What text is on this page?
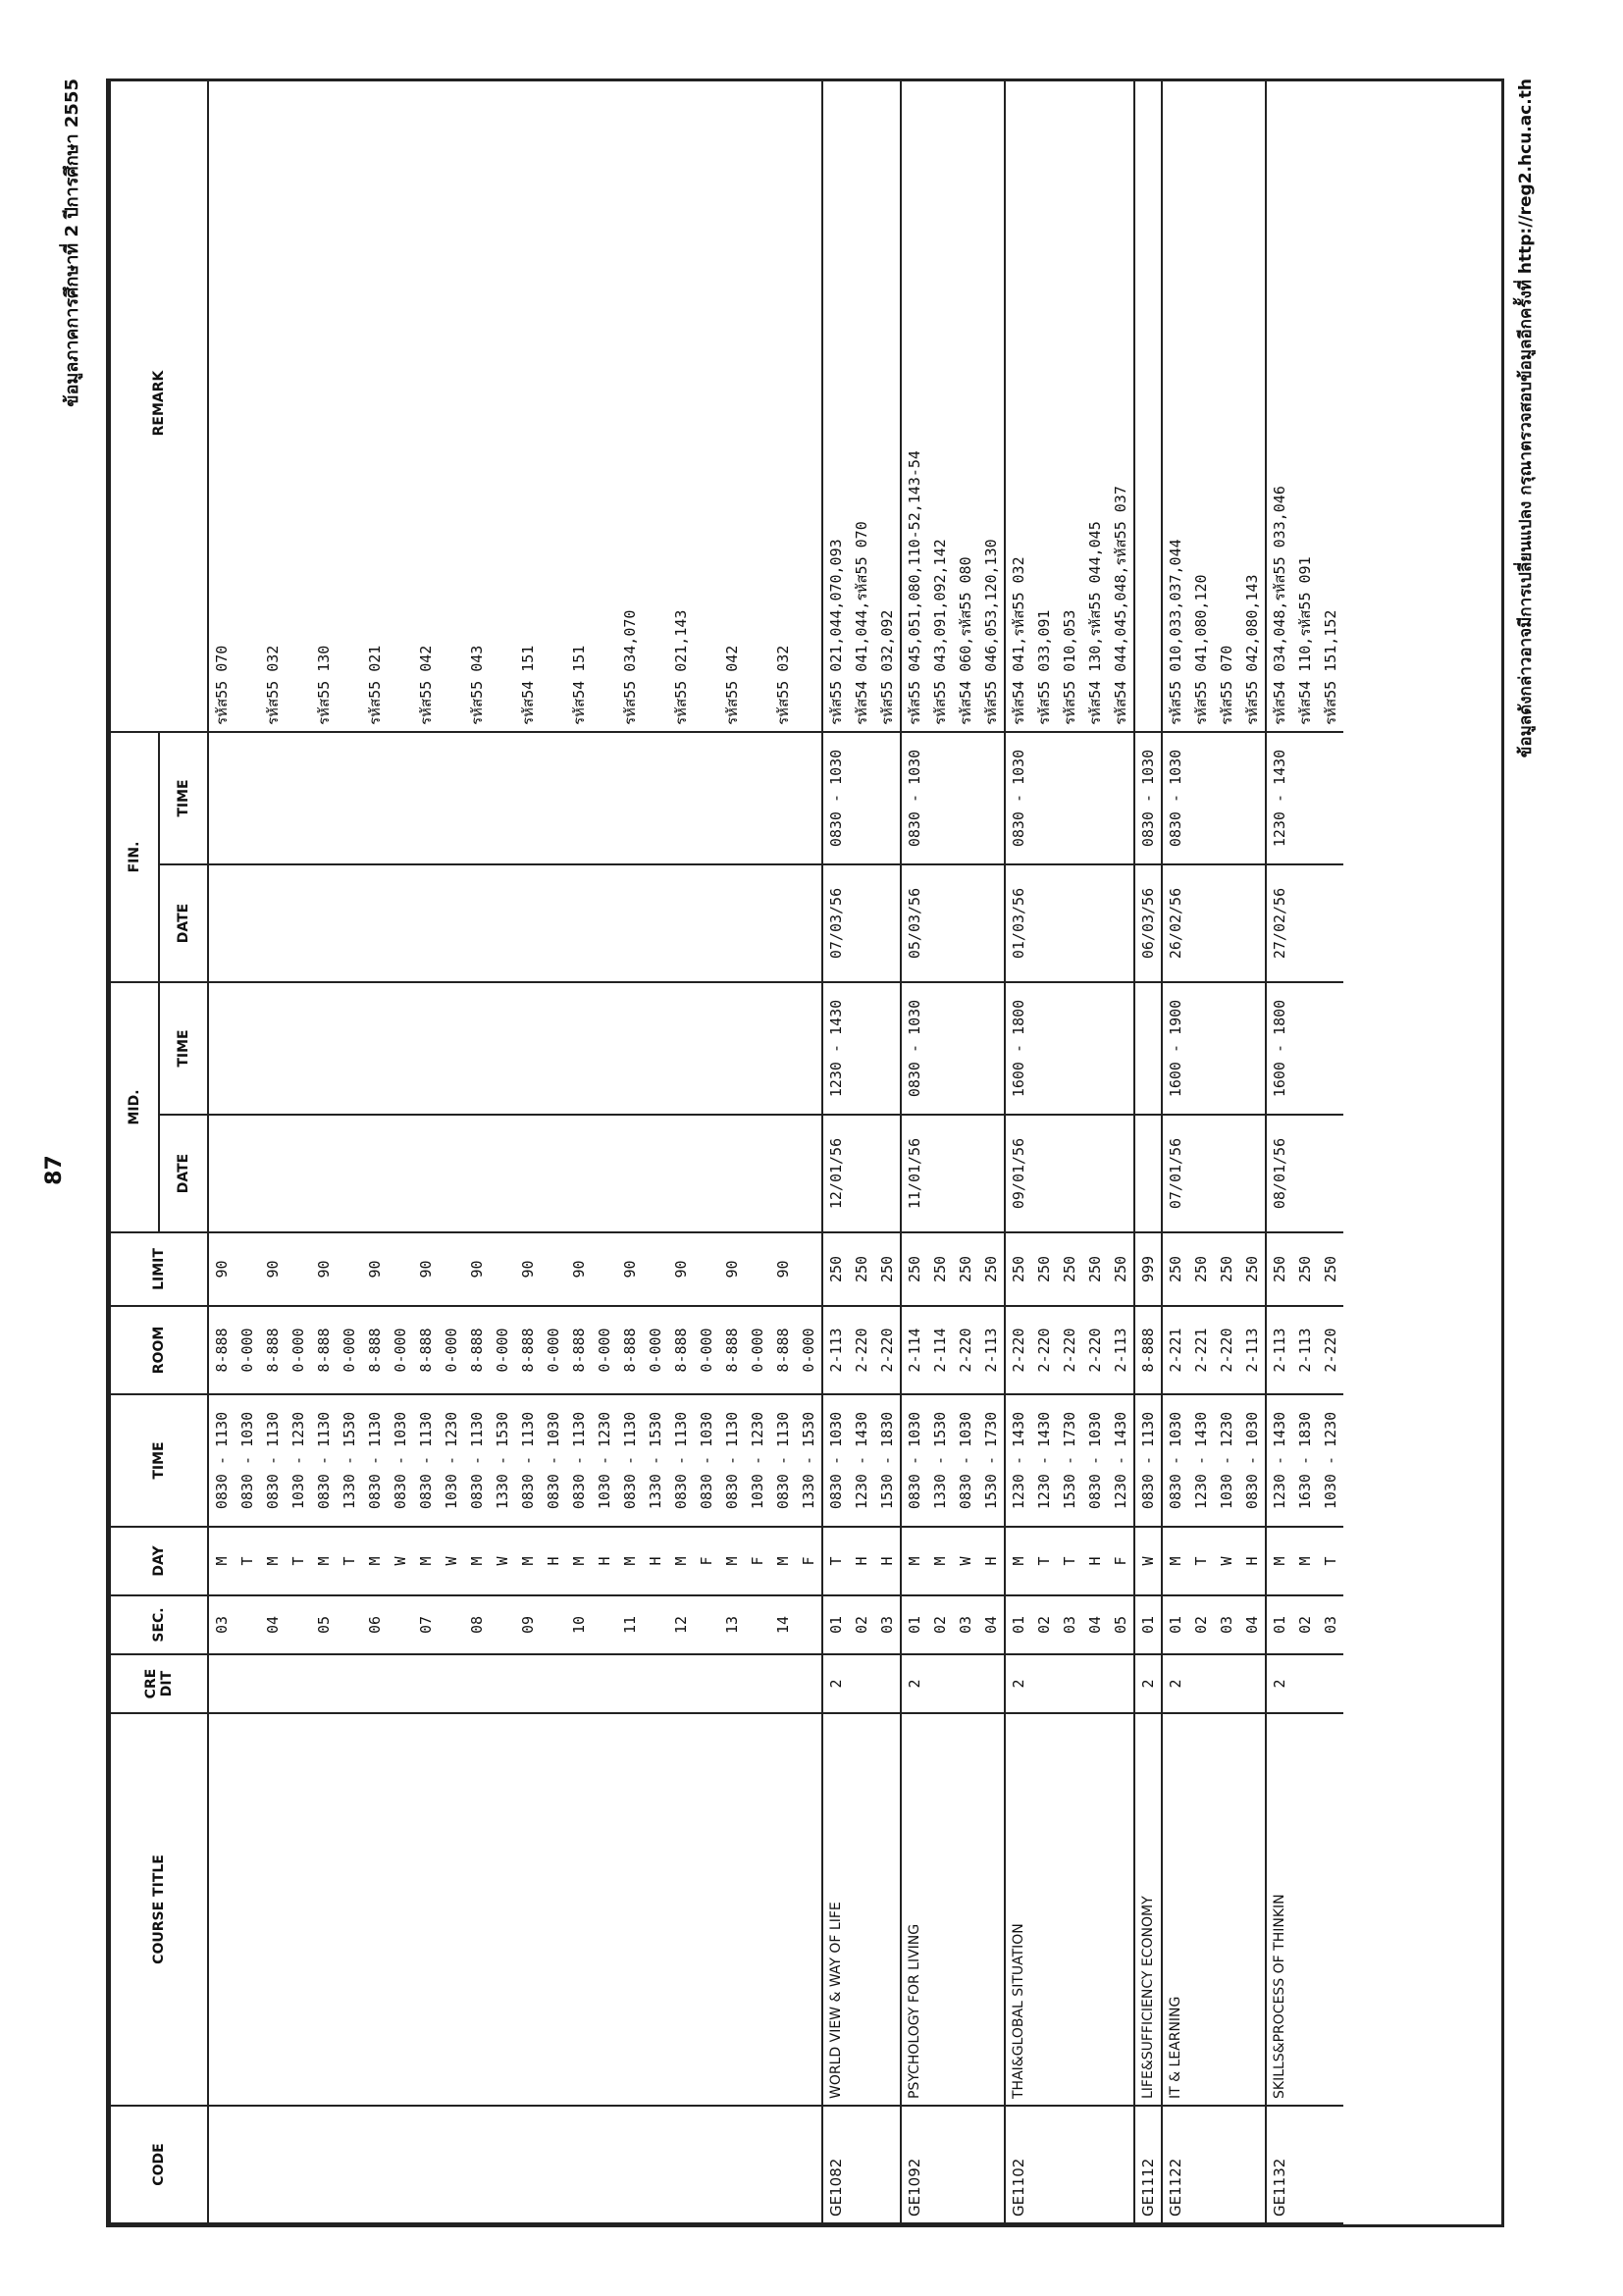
87
ข้อมูลภาคการศึกษาที่ 2 ปีการศึกษา 2555
CODE	COURSE TITLE	CRE DIT	SEC.	DAY	TIME	ROOM	LIMIT	MID.		FIN.		REMARK
								DATE	TIME	DATE	TIME	
			03	M	0830 - 1130	8-888	90					รหัส55 070
				T	0830 - 1030	0-000						
			04	M	0830 - 1130	8-888	90					รหัส55 032
				T	1030 - 1230	0-000						
			05	M	0830 - 1130	8-888	90					รหัส55 130
				T	1330 - 1530	0-000						
			06	M	0830 - 1130	8-888	90					รหัส55 021
				W	0830 - 1030	0-000						
			07	M	0830 - 1130	8-888	90					รหัส55 042
				W	1030 - 1230	0-000						
			08	M	0830 - 1130	8-888	90					รหัส55 043
				W	1330 - 1530	0-000						
			09	M	0830 - 1130	8-888	90					รหัส54 151
				H	0830 - 1030	0-000						
			10	M	0830 - 1130	8-888	90					รหัส54 151
				H	1030 - 1230	0-000						
			11	M	0830 - 1130	8-888	90					รหัส55 034,070
				H	1330 - 1530	0-000						
			12	M	0830 - 1130	8-888	90					รหัส55 021,143
				F	0830 - 1030	0-000						
			13	M	0830 - 1130	8-888	90					รหัส55 042
				F	1030 - 1230	0-000						
			14	M	0830 - 1130	8-888	90					รหัส55 032
				F	1330 - 1530	0-000						
GE1082	WORLD VIEW & WAY OF LIFE	2	01	T	0830 - 1030	2-113	250	12/01/56	1230 - 1430	07/03/56	0830 - 1030	รหัส55 021,044,070,093
			02	H	1230 - 1430	2-220	250					รหัส54 041,044,รหัส55 070
			03	H	1530 - 1830	2-220	250					รหัส55 032,092
GE1092	PSYCHOLOGY FOR LIVING	2	01	M	0830 - 1030	2-114	250	11/01/56	0830 - 1030	05/03/56	0830 - 1030	รหัส55 045,051,080,110-52,143-54
			02	M	1330 - 1530	2-114	250					รหัส55 043,091,092,142
			03	W	0830 - 1030	2-220	250					รหัส54 060,รหัส55 080
			04	H	1530 - 1730	2-113	250					รหัส55 046,053,120,130
GE1102	THAI&GLOBAL SITUATION	2	01	M	1230 - 1430	2-220	250	09/01/56	1600 - 1800	01/03/56	0830 - 1030	รหัส54 041,รหัส55 032
			02	T	1230 - 1430	2-220	250					รหัส55 033,091
			03	T	1530 - 1730	2-220	250					รหัส55 010,053
			04	H	0830 - 1030	2-220	250					รหัส54 130,รหัส55 044,045
			05	F	1230 - 1430	2-113	250					รหัส54 044,045,048,รหัส55 037
GE1112	LIFE&SUFFICIENCY ECONOMY	2	01	W	0830 - 1130	8-888	999			06/03/56	0830 - 1030	
GE1122	IT & LEARNING	2	01	M	0830 - 1030	2-221	250	07/01/56	1600 - 1900	26/02/56	0830 - 1030	รหัส55 010,033,037,044
			02	T	1230 - 1430	2-221	250					รหัส55 041,080,120
			03	W	1030 - 1230	2-220	250					รหัส55 070
			04	H	0830 - 1030	2-113	250					รหัส55 042,080,143
GE1132	SKILLS&PROCESS OF THINKIN	2	01	M	1230 - 1430	2-113	250	08/01/56	1600 - 1800	27/02/56	1230 - 1430	รหัส54 034,048,รหัส55 033,046
			02	M	1630 - 1830	2-113	250					รหัส54 110,รหัส55 091
			03	T	1030 - 1230	2-220	250					รหัส55 151,152	ข้อมูลดังกล่าวอาจมีการเปลี่ยนแปลง กรุณาตรวจสอบข้อมูลอีกครั้งที่ http://reg2.hcu.ac.th
